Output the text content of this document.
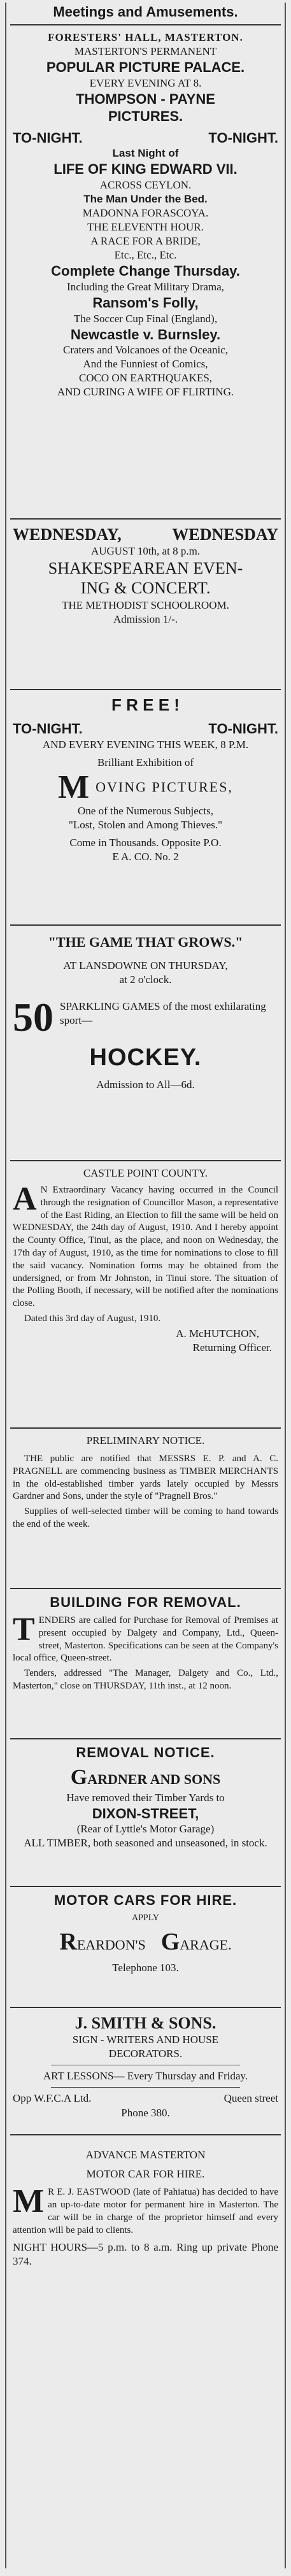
Meetings and Amusements.

FORESTERS' HALL, MASTERTON.

MASTERTON'S PERMANENT

POPULAR PICTURE PALACE.

EVERY EVENING AT 8.

THOMPSON - PAYNE

PICTURES.

TO-NIGHT.	TO-NIGHT.

Last Night of

LIFE OF KING EDWARD VII.

ACROSS CEYLON.

The Man Under the Bed.

MADONNA FORASCOYA.

THE ELEVENTH HOUR.

A RACE FOR A BRIDE,

Etc., Etc., Etc.

Complete Change Thursday.

Including the Great Military Drama,

Ransom's Folly,

The Soccer Cup Final (England),

Newcastle v. Burnsley.

Craters and Volcanoes of the Oceanic,

And the Funniest of Comics,

COCO ON EARTHQUAKES,

AND CURING A WIFE OF FLIRTING.

WEDNESDAY,	WEDNESDAY

AUGUST 10th, at 8 p.m.

SHAKESPEAREAN EVEN-

ING & CONCERT.

THE METHODIST SCHOOLROOM.

Admission 1/-.

F R E E !

TO-NIGHT.	TO-NIGHT.

AND EVERY EVENING THIS WEEK, 8 P.M.

Brilliant Exhibition of

M OVING PICTURES,

One of the Numerous Subjects,

"Lost, Stolen and Among Thieves."

Come in Thousands. Opposite P.O.

E A. CO. No. 2

"THE GAME THAT GROWS."

AT LANSDOWNE ON THURSDAY,

at 2 o'clock.

50 SPARKLING GAMES of the most exhilarating sport—

HOCKEY.

Admission to All—6d.

CASTLE POINT COUNTY.

A N Extraordinary Vacancy having occurred in the Council through the resignation of Councillor Mason, a representative of the East Riding, an Election to fill the same will be held on WEDNESDAY, the 24th day of August, 1910. And I hereby appoint the County Office, Tinui, as the place, and noon on Wednesday, the 17th day of August, 1910, as the time for nominations to close to fill the said vacancy. Nomination forms may be obtained from the undersigned, or from Mr Johnston, in Tinui store. The situation of the Polling Booth, if necessary, will be notified after the nominations close.

Dated this 3rd day of August, 1910.

A. McHUTCHON,

Returning Officer.

PRELIMINARY NOTICE.

THE public are notified that MESSRS E. P. and A. C. PRAGNELL are commencing business as TIMBER MERCHANTS in the old-established timber yards lately occupied by Messrs Gardner and Sons, under the style of "Pragnell Bros."

Supplies of well-selected timber will be coming to hand towards the end of the week.

BUILDING FOR REMOVAL.

TENDERS are called for Purchase for Removal of Premises at present occupied by Dalgety and Company, Ltd., Queen-street, Masterton. Specifications can be seen at the Company's local office, Queen-street.

Tenders, addressed "The Manager, Dalgety and Co., Ltd., Masterton," close on THURSDAY, 11th inst., at 12 noon.

REMOVAL NOTICE.

GARDNER AND SONS

Have removed their Timber Yards to

DIXON-STREET,

(Rear of Lyttle's Motor Garage)

ALL TIMBER, both seasoned and unseasoned, in stock.

MOTOR CARS FOR HIRE.

APPLY

REARDON'S GARAGE.

Telephone 103.

J. SMITH & SONS.

SIGN - WRITERS AND HOUSE

DECORATORS.

ART LESSONS— Every Thursday and Friday.

Opp W.F.C.A Ltd.	Queen street

Phone 380.

ADVANCE MASTERTON

MOTOR CAR FOR HIRE.

M R E. J. EASTWOOD (late of Pahiatua) has decided to have an up-to-date motor for permanent hire in Masterton. The car will be in charge of the proprietor himself and every attention will be paid to clients.

NIGHT HOURS—5 p.m. to 8 a.m. Ring up private Phone 374.
